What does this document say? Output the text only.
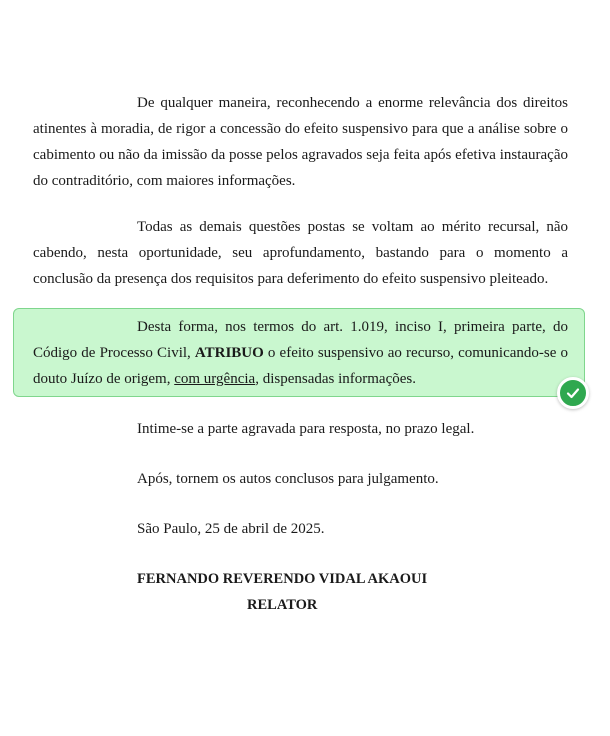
De qualquer maneira, reconhecendo a enorme relevância dos direitos atinentes à moradia, de rigor a concessão do efeito suspensivo para que a análise sobre o cabimento ou não da imissão da posse pelos agravados seja feita após efetiva instauração do contraditório, com maiores informações.

Todas as demais questões postas se voltam ao mérito recursal, não cabendo, nesta oportunidade, seu aprofundamento, bastando para o momento a conclusão da presença dos requisitos para deferimento do efeito suspensivo pleiteado.

Desta forma, nos termos do art. 1.019, inciso I, primeira parte, do Código de Processo Civil, ATRIBUO o efeito suspensivo ao recurso, comunicando-se o douto Juízo de origem, com urgência, dispensadas informações.

Intime-se a parte agravada para resposta, no prazo legal.

Após, tornem os autos conclusos para julgamento.

São Paulo, 25 de abril de 2025.

FERNANDO REVERENDO VIDAL AKAOUI

RELATOR
